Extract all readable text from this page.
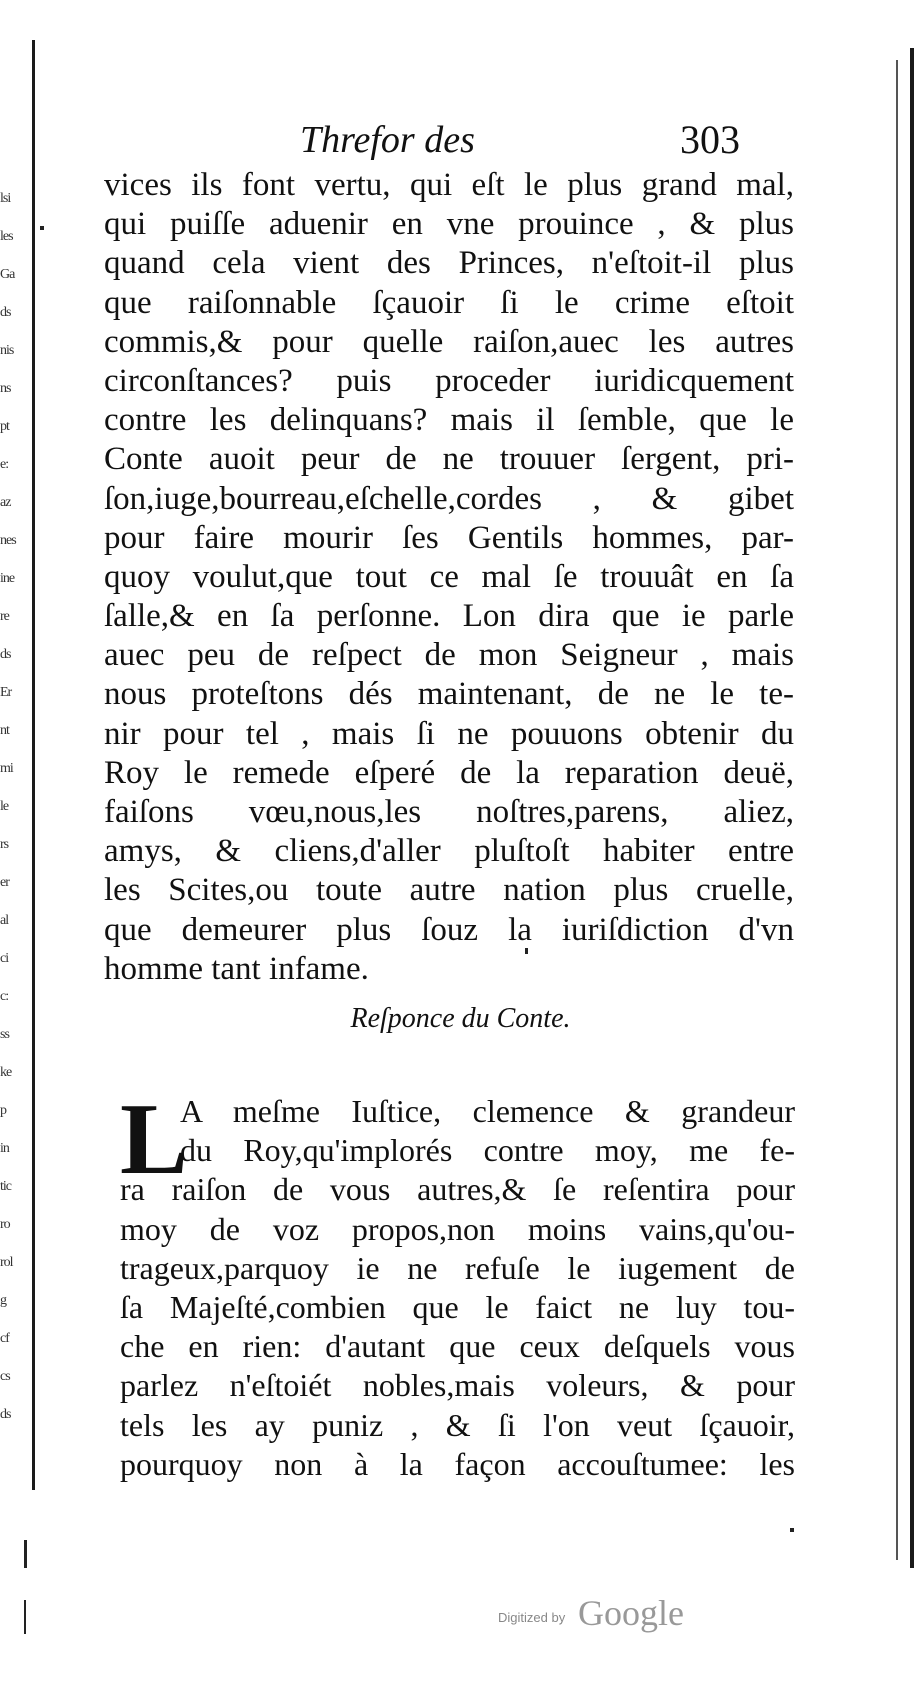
lsi
les
Ga
ds
nis
ns
pt
e:
az
nes
ine
re
ds
Er
nt
mi
le
rs
er
al
ci
c:
ss
ke
p
in
tic
ro
rol
g
cf
cs
ds
Threfor des	303
vices ils font vertu, qui eſt le plus grand mal,
qui puiſſe aduenir en vne prouince , & plus
quand cela vient des Princes, n'eſtoit-il plus
que raiſonnable ſçauoir ſi le crime eſtoit
commis,& pour quelle raiſon,auec les autres
circonſtances? puis proceder iuridicquement
contre les delinquans? mais il ſemble, que le
Conte auoit peur de ne trouuer ſergent, pri-
ſon,iuge,bourreau,eſchelle,cordes , & gibet
pour faire mourir ſes Gentils hommes, par-
quoy voulut,que tout ce mal ſe trouuât en ſa
ſalle,& en ſa perſonne. Lon dira que ie parle
auec peu de reſpect de mon Seigneur , mais
nous proteſtons dés maintenant, de ne le te-
nir pour tel , mais ſi ne pouuons obtenir du
Roy le remede eſperé de la reparation deuë,
faiſons vœu,nous,les noſtres,parens, aliez,
amys, & cliens,d'aller pluſtoſt habiter entre
les Scites,ou toute autre nation plus cruelle,
que demeurer plus ſouz la iuriſdiction d'vn
homme tant infame.
Reſponce du Conte.
L
A meſme Iuſtice, clemence & grandeur
du Roy,qu'implorés contre moy, me fe-
ra raiſon de vous autres,& ſe reſentira pour
moy de voz propos,non moins vains,qu'ou-
trageux,parquoy ie ne refuſe le iugement de
ſa Majeſté,combien que le faict ne luy tou-
che en rien: d'autant que ceux deſquels vous
parlez n'eſtoiét nobles,mais voleurs, & pour
tels les ay puniz , & ſi l'on veut ſçauoir,
pourquoy non à la façon accouſtumee: les
Digitized by Google
